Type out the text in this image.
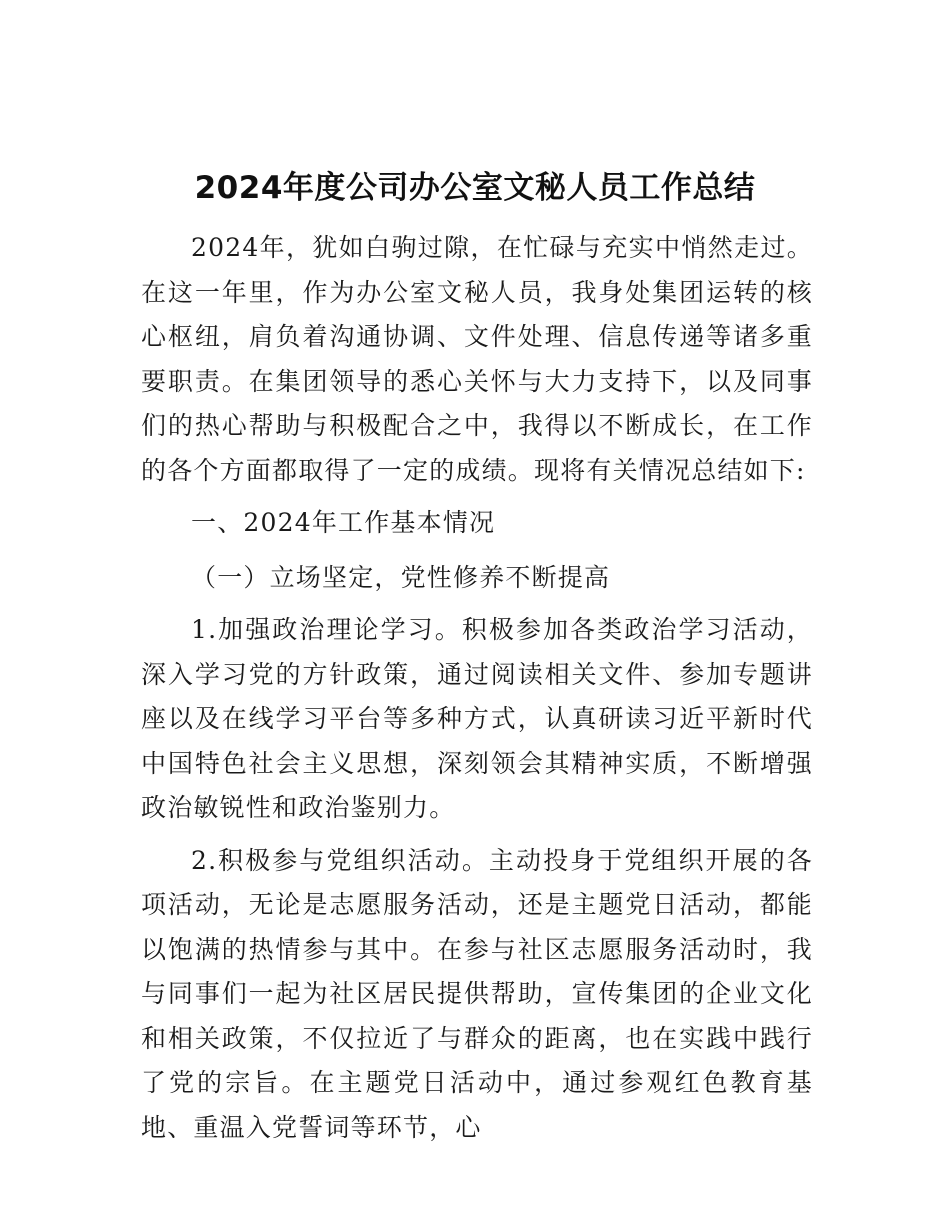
2024年度公司办公室文秘人员工作总结

2024年，犹如白驹过隙，在忙碌与充实中悄然走过。在这一年里，作为办公室文秘人员，我身处集团运转的核心枢纽，肩负着沟通协调、文件处理、信息传递等诸多重要职责。在集团领导的悉心关怀与大力支持下，以及同事们的热心帮助与积极配合之中，我得以不断成长，在工作的各个方面都取得了一定的成绩。现将有关情况总结如下:

一、2024年工作基本情况

（一）立场坚定，党性修养不断提高

1.加强政治理论学习。积极参加各类政治学习活动，深入学习党的方针政策，通过阅读相关文件、参加专题讲座以及在线学习平台等多种方式，认真研读习近平新时代中国特色社会主义思想，深刻领会其精神实质，不断增强政治敏锐性和政治鉴别力。

2.积极参与党组织活动。主动投身于党组织开展的各项活动，无论是志愿服务活动，还是主题党日活动，都能以饱满的热情参与其中。在参与社区志愿服务活动时，我与同事们一起为社区居民提供帮助，宣传集团的企业文化和相关政策，不仅拉近了与群众的距离，也在实践中践行了党的宗旨。在主题党日活动中，通过参观红色教育基地、重温入党誓词等环节，心
